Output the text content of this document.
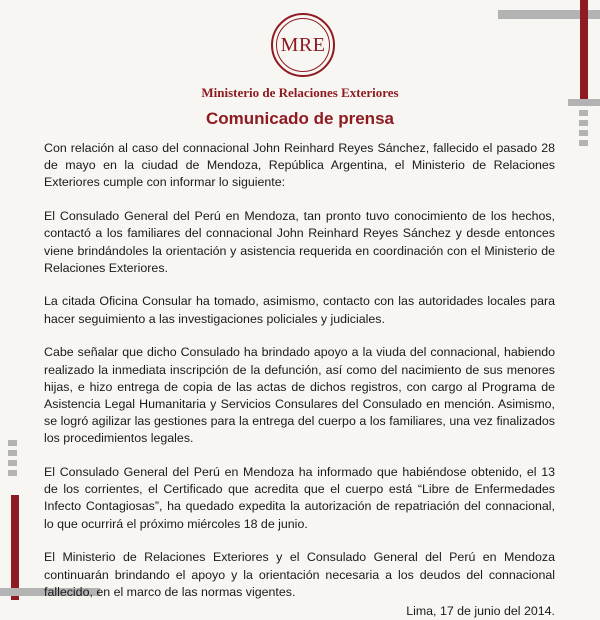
MRE
Ministerio de Relaciones Exteriores
Comunicado de prensa

Con relación al caso del connacional John Reinhard Reyes Sánchez, fallecido el pasado 28 de mayo en la ciudad de Mendoza, República Argentina, el Ministerio de Relaciones Exteriores cumple con informar lo siguiente:

El Consulado General del Perú en Mendoza, tan pronto tuvo conocimiento de los hechos, contactó a los familiares del connacional John Reinhard Reyes Sánchez y desde entonces viene brindándoles la orientación y asistencia requerida en coordinación con el Ministerio de Relaciones Exteriores.

La citada Oficina Consular ha tomado, asimismo, contacto con las autoridades locales para hacer seguimiento a las investigaciones policiales y judiciales.

Cabe señalar que dicho Consulado ha brindado apoyo a la viuda del connacional, habiendo realizado la inmediata inscripción de la defunción, así como del nacimiento de sus menores hijas, e hizo entrega de copia de las actas de dichos registros, con cargo al Programa de Asistencia Legal Humanitaria y Servicios Consulares del Consulado en mención. Asimismo, se logró agilizar las gestiones para la entrega del cuerpo a los familiares, una vez finalizados los procedimientos legales.

El Consulado General del Perú en Mendoza ha informado que habiéndose obtenido, el 13 de los corrientes, el Certificado que acredita que el cuerpo está “Libre de Enfermedades Infecto Contagiosas”, ha quedado expedita la autorización de repatriación del connacional, lo que ocurrirá el próximo miércoles 18 de junio.

El Ministerio de Relaciones Exteriores y el Consulado General del Perú en Mendoza continuarán brindando el apoyo y la orientación necesaria a los deudos del connacional fallecido, en el marco de las normas vigentes.

Lima, 17 de junio del 2014.
